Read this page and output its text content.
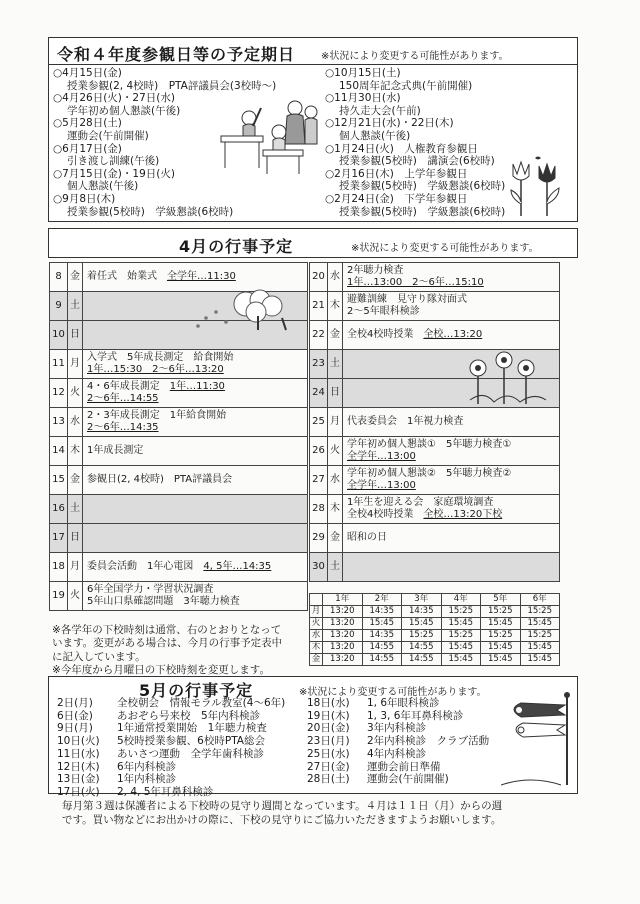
令和４年度参観日等の予定期日	※状況により変更する可能性があります。
○4月15日(金)
授業参観(2, 4校時)　PTA評議員会(3校時～)
○4月26日(火)・27日(水)
学年初め個人懇談(午後)
○5月28日(土)
運動会(午前開催)
○6月17日(金)
引き渡し訓練(午後)
○7月15日(金)・19日(火)
個人懇談(午後)
○9月8日(木)
授業参観(5校時)　学級懇談(6校時)
○10月15日(土)
150周年記念式典(午前開催)
○11月30日(水)
持久走大会(午前)
○12月21日(水)・22日(木)
個人懇談(午後)
○1月24日(火)　人権教育参観日
授業参観(5校時)　講演会(6校時)
○2月16日(木)　上学年参観日
授業参観(5校時)　学級懇談(6校時)
○2月24日(金)　下学年参観日
授業参観(5校時)　学級懇談(6校時)
4月の行事予定	※状況により変更する可能性があります。
8	金	着任式　始業式　全学年…11:30

9	土	
10	日	
11	月	入学式　5年成長測定　給食開始
1年…15:30　2～6年…13:20

12	火	4・6年成長測定　1年…11:30
2～6年…14:55

13	水	2・3年成長測定　1年給食開始
2～6年…14:35

14	木	1年成長測定

15	金	参観日(2, 4校時)　PTA評議員会

16	土	
17	日	
18	月	委員会活動　1年心電図　4, 5年…14:35

19	火	6年全国学力・学習状況調査
5年山口県確認問題　3年聴力検査
20	水	2年聴力検査
1年…13:00　2～6年…15:10

21	木	避難訓練　見守り隊対面式
2～5年眼科検診

22	金	全校4校時授業　全校…13:20

23	土	
24	日	
25	月	代表委員会　1年視力検査

26	火	学年初め個人懇談①　5年聴力検査①
全学年…13:00

27	水	学年初め個人懇談②　5年聴力検査②
全学年…13:00

28	木	1年生を迎える会　家庭環境調査
全校4校時授業　全校…13:20下校

29	金	昭和の日

30	土	
	1年	2年	3年	4年	5年	6年
月	13:20	14:35	14:35	15:25	15:25	15:25
火	13:20	15:45	15:45	15:45	15:45	15:45
水	13:20	14:35	15:25	15:25	15:25	15:25
木	13:20	14:55	14:55	15:45	15:45	15:45
金	13:20	14:55	14:55	15:45	15:45	15:45
※各学年の下校時刻は通常、右のとおりとなって
います。変更がある場合は、今月の行事予定表中
に記入しています。
※今年度から月曜日の下校時刻を変更します。
5月の行事予定	※状況により変更する可能性があります。
2日(月) 全校朝会　情報モラル教室(4～6年)
6日(金) あおぞら号来校　5年内科検診
9日(月) 1年通常授業開始　1年聴力検査
10日(火) 5校時授業参観、6校時PTA総会
11日(水) あいさつ運動　全学年歯科検診
12日(木) 6年内科検診
13日(金) 1年内科検診
17日(火) 2, 4, 5年耳鼻科検診
18日(水) 1, 6年眼科検診
19日(木) 1, 3, 6年耳鼻科検診
20日(金) 3年内科検診
23日(月) 2年内科検診　クラブ活動
25日(水) 4年内科検診
27日(金) 運動会前日準備
28日(土) 運動会(午前開催)
毎月第３週は保護者による下校時の見守り週間となっています。４月は１１日（月）からの週
です。買い物などにお出かけの際に、下校の見守りにご協力いただきますようお願いします。
